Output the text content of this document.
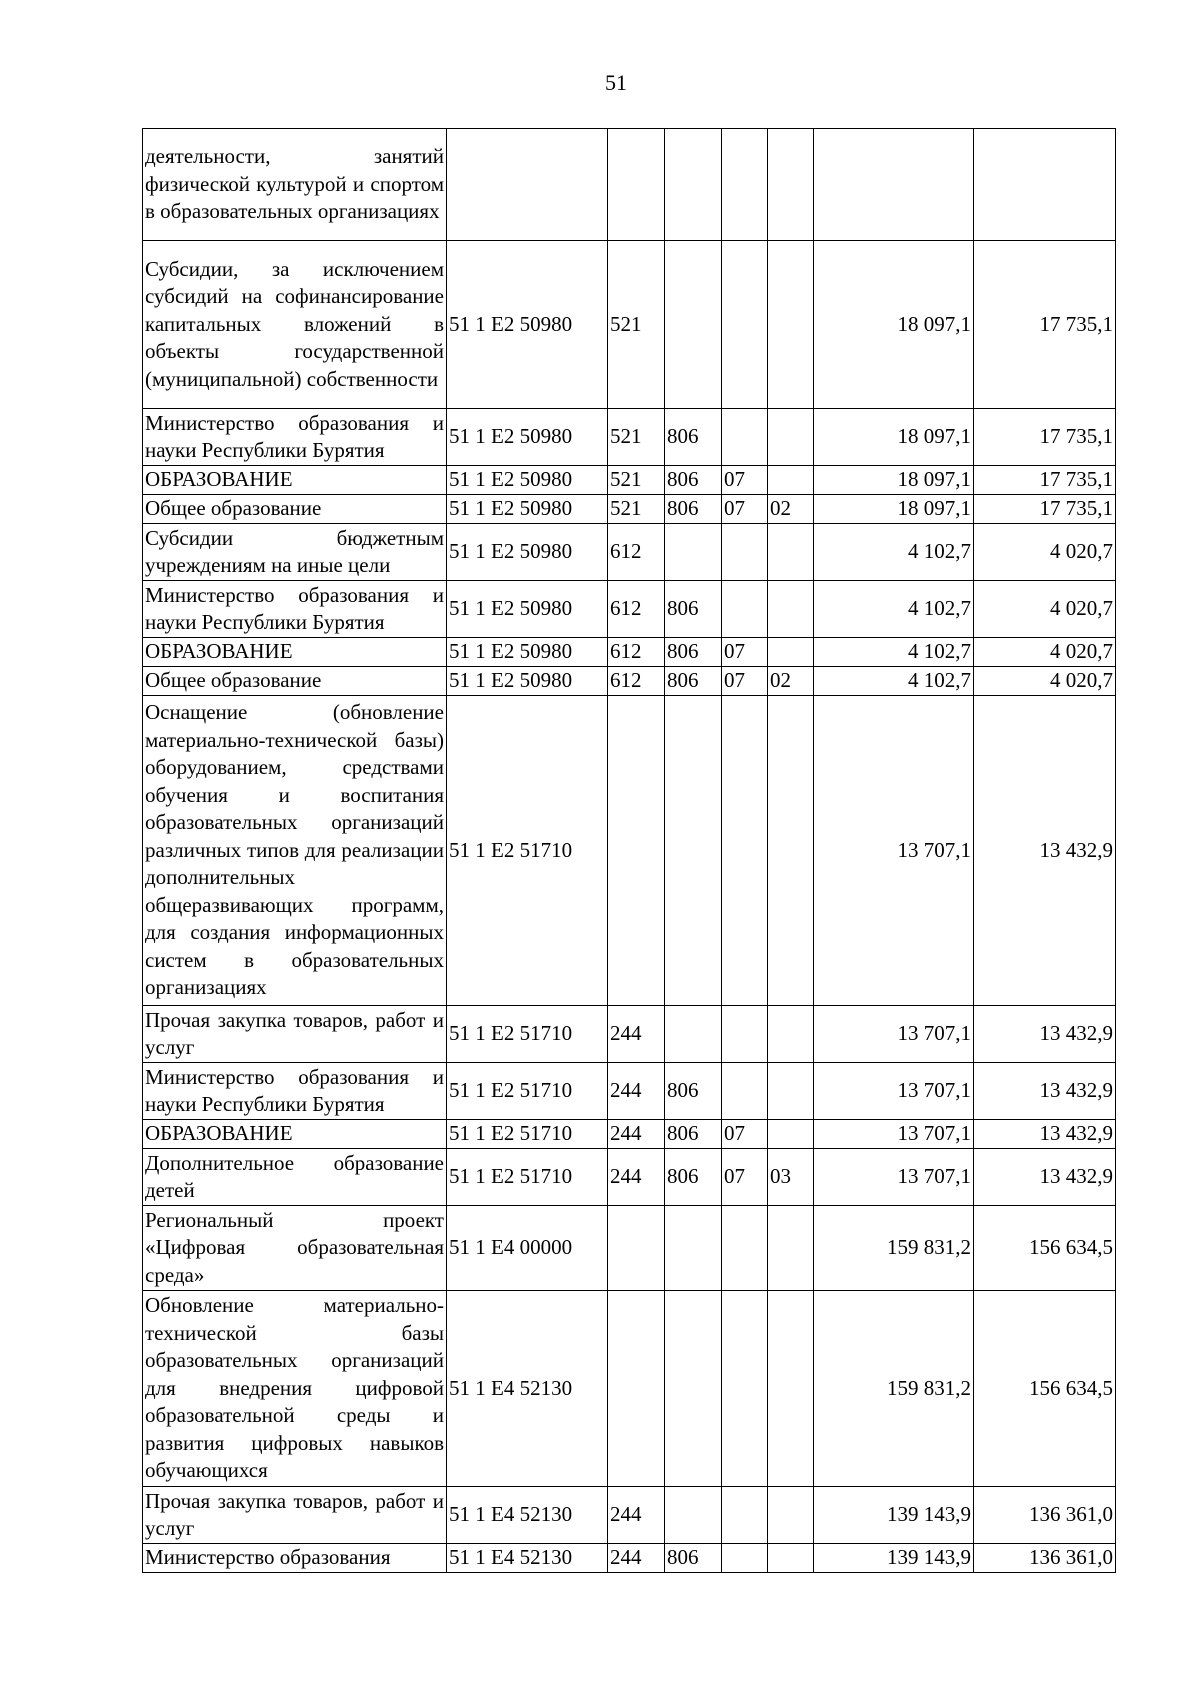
51
деятельности, занятий физической культурой и спортом в образовательных организациях							
Субсидии, за исключением субсидий на софинансирование капитальных вложений в объекты государственной (муниципальной) собственности	51 1 E2 50980	521				18 097,1	17 735,1
Министерство образования и науки Республики Бурятия	51 1 E2 50980	521	806			18 097,1	17 735,1
ОБРАЗОВАНИЕ	51 1 E2 50980	521	806	07		18 097,1	17 735,1
Общее образование	51 1 E2 50980	521	806	07	02	18 097,1	17 735,1
Субсидии бюджетным учреждениям на иные цели	51 1 E2 50980	612				4 102,7	4 020,7
Министерство образования и науки Республики Бурятия	51 1 E2 50980	612	806			4 102,7	4 020,7
ОБРАЗОВАНИЕ	51 1 E2 50980	612	806	07		4 102,7	4 020,7
Общее образование	51 1 E2 50980	612	806	07	02	4 102,7	4 020,7
Оснащение (обновление материально-технической базы) оборудованием, средствами обучения и воспитания образовательных организаций различных типов для реализации дополнительных общеразвивающих программ, для создания информационных систем в образовательных организациях	51 1 E2 51710					13 707,1	13 432,9
Прочая закупка товаров, работ и услуг	51 1 E2 51710	244				13 707,1	13 432,9
Министерство образования и науки Республики Бурятия	51 1 E2 51710	244	806			13 707,1	13 432,9
ОБРАЗОВАНИЕ	51 1 E2 51710	244	806	07		13 707,1	13 432,9
Дополнительное образование детей	51 1 E2 51710	244	806	07	03	13 707,1	13 432,9
Региональный проект «Цифровая образовательная среда»	51 1 E4 00000					159 831,2	156 634,5
Обновление материально-технической базы образовательных организаций для внедрения цифровой образовательной среды и развития цифровых навыков обучающихся	51 1 E4 52130					159 831,2	156 634,5
Прочая закупка товаров, работ и услуг	51 1 E4 52130	244				139 143,9	136 361,0
Министерство образования	51 1 E4 52130	244	806			139 143,9	136 361,0
